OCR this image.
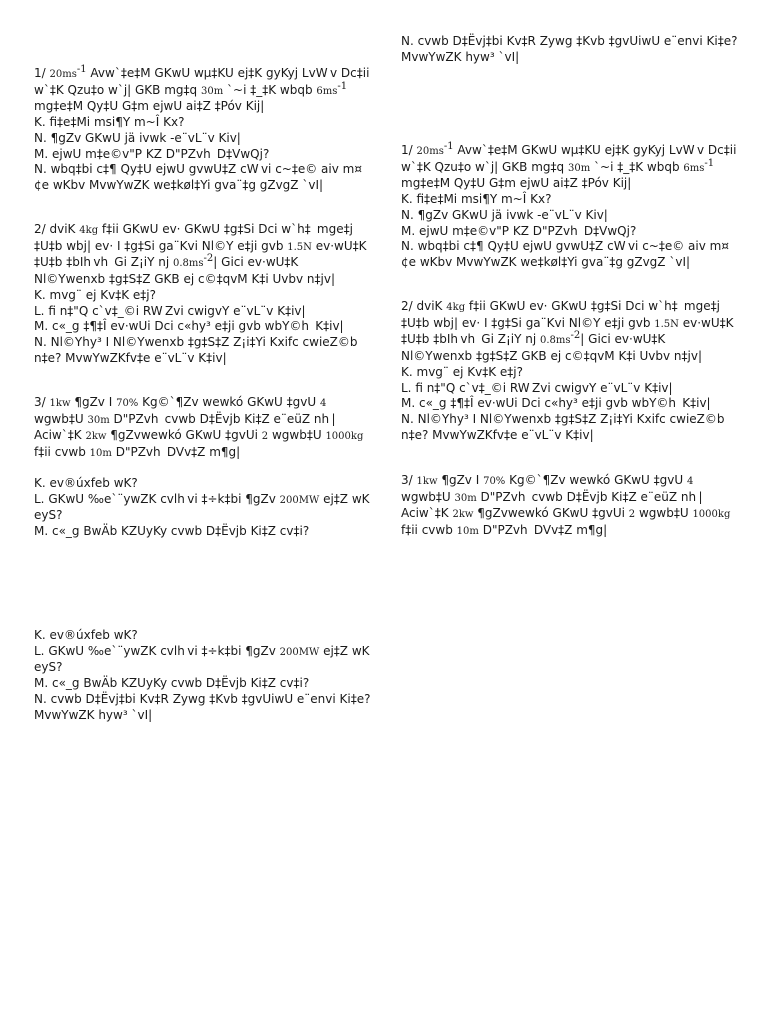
1/ $20ms^{-1}$ Avw`‡e‡M GKwU wµ‡KU ej‡K gyKyj LvW v Dc‡ii
w`‡K Qzu‡o w`j| GKB mg‡q 30m `~i ‡_‡K wbqb $6ms^{-1}$
mg‡e‡M Qy‡U G‡m ejwU ai‡Z ‡Póv Kij|
K. fi‡e‡Mi msi¶Y m~Î Kx?
N. ¶gZv GKwU jä ivwk -e¨vL¨v Kiv|
M. ejwU m‡e©v"P KZ D"PZvh  D‡VwQj?
N. wbq‡bi c‡¶ Qy‡U ejwU gvwU‡Z cW vi c~‡e© aiv m¤
¢e wKbv MvwYwZK we‡køl‡Yi gva¨‡g gZvgZ `vI|
2/ dviK 4kg f‡ii GKwU ev· GKwU ‡g‡Si Dci w`h‡  mge‡j
‡U‡b wbj| ev· I ‡g‡Si ga¨Kvi Nl©Y e‡ji gvb 1.5N ev·wU‡K
‡U‡b ‡bIh vh  Gi Z¡iY nj $0.8ms^{-2}|$ Gici ev·wU‡K
Nl©Ywenxb ‡g‡S‡Z GKB ej c©‡qvM K‡i Uvbv n‡jv|
K. mvg¨ ej Kv‡K e‡j?
L. fi n‡"Q c`v‡_©i RW Zvi cwigvY e¨vL¨v K‡iv|
M. c«_g ‡¶‡Î ev·wUi Dci c«hy³ e‡ji gvb wbY©h  K‡iv|
N. Nl©Yhy³ I Nl©Ywenxb ‡g‡S‡Z Z¡i‡Yi Kxifc cwieZ©b
n‡e? MvwYwZKfv‡e e¨vL¨v K‡iv|
3/ 1kw ¶gZv I 70% Kg©`¶Zv wewkó GKwU ‡gvU 4
wgwb‡U 30m D"PZvh  cvwb D‡Ëvjb Ki‡Z e¨eüZ nh |
Aciw`‡K 2kw ¶gZvwewkó GKwU ‡gvUi 2 wgwb‡U 1000kg
f‡ii cvwb 10m D"PZvh  DVv‡Z m¶g|
K. ev®úxfeb wK?
L. GKwU ‰e`¨ywZK cvlh vi ‡÷k‡bi ¶gZv 200MW ej‡Z wK
eyS?
M. c«_g BwÄb KZUyKy cvwb D‡Ëvjb Ki‡Z cv‡i?
K. ev®úxfeb wK?
L. GKwU ‰e`¨ywZK cvlh vi ‡÷k‡bi ¶gZv 200MW ej‡Z wK
eyS?
M. c«_g BwÄb KZUyKy cvwb D‡Ëvjb Ki‡Z cv‡i?
N. cvwb D‡Ëvj‡bi Kv‡R Zywg ‡Kvb ‡gvUiwU e¨envi Ki‡e?
MvwYwZK hyw³ `vI|
N. cvwb D‡Ëvj‡bi Kv‡R Zywg ‡Kvb ‡gvUiwU e¨envi Ki‡e?
MvwYwZK hyw³ `vI|
1/ $20ms^{-1}$ Avw`‡e‡M GKwU wµ‡KU ej‡K gyKyj LvW v Dc‡ii
w`‡K Qzu‡o w`j| GKB mg‡q 30m `~i ‡_‡K wbqb $6ms^{-1}$
mg‡e‡M Qy‡U G‡m ejwU ai‡Z ‡Póv Kij|
K. fi‡e‡Mi msi¶Y m~Î Kx?
N. ¶gZv GKwU jä ivwk -e¨vL¨v Kiv|
M. ejwU m‡e©v"P KZ D"PZvh  D‡VwQj?
N. wbq‡bi c‡¶ Qy‡U ejwU gvwU‡Z cW vi c~‡e© aiv m¤
¢e wKbv MvwYwZK we‡køl‡Yi gva¨‡g gZvgZ `vI|
2/ dviK 4kg f‡ii GKwU ev· GKwU ‡g‡Si Dci w`h‡  mge‡j
‡U‡b wbj| ev· I ‡g‡Si ga¨Kvi Nl©Y e‡ji gvb 1.5N ev·wU‡K
‡U‡b ‡bIh vh  Gi Z¡iY nj $0.8ms^{-2}|$ Gici ev·wU‡K
Nl©Ywenxb ‡g‡S‡Z GKB ej c©‡qvM K‡i Uvbv n‡jv|
K. mvg¨ ej Kv‡K e‡j?
L. fi n‡"Q c`v‡_©i RW Zvi cwigvY e¨vL¨v K‡iv|
M. c«_g ‡¶‡Î ev·wUi Dci c«hy³ e‡ji gvb wbY©h  K‡iv|
N. Nl©Yhy³ I Nl©Ywenxb ‡g‡S‡Z Z¡i‡Yi Kxifc cwieZ©b
n‡e? MvwYwZKfv‡e e¨vL¨v K‡iv|
3/ 1kw ¶gZv I 70% Kg©`¶Zv wewkó GKwU ‡gvU 4
wgwb‡U 30m D"PZvh  cvwb D‡Ëvjb Ki‡Z e¨eüZ nh |
Aciw`‡K 2kw ¶gZvwewkó GKwU ‡gvUi 2 wgwb‡U 1000kg
f‡ii cvwb 10m D"PZvh  DVv‡Z m¶g|
